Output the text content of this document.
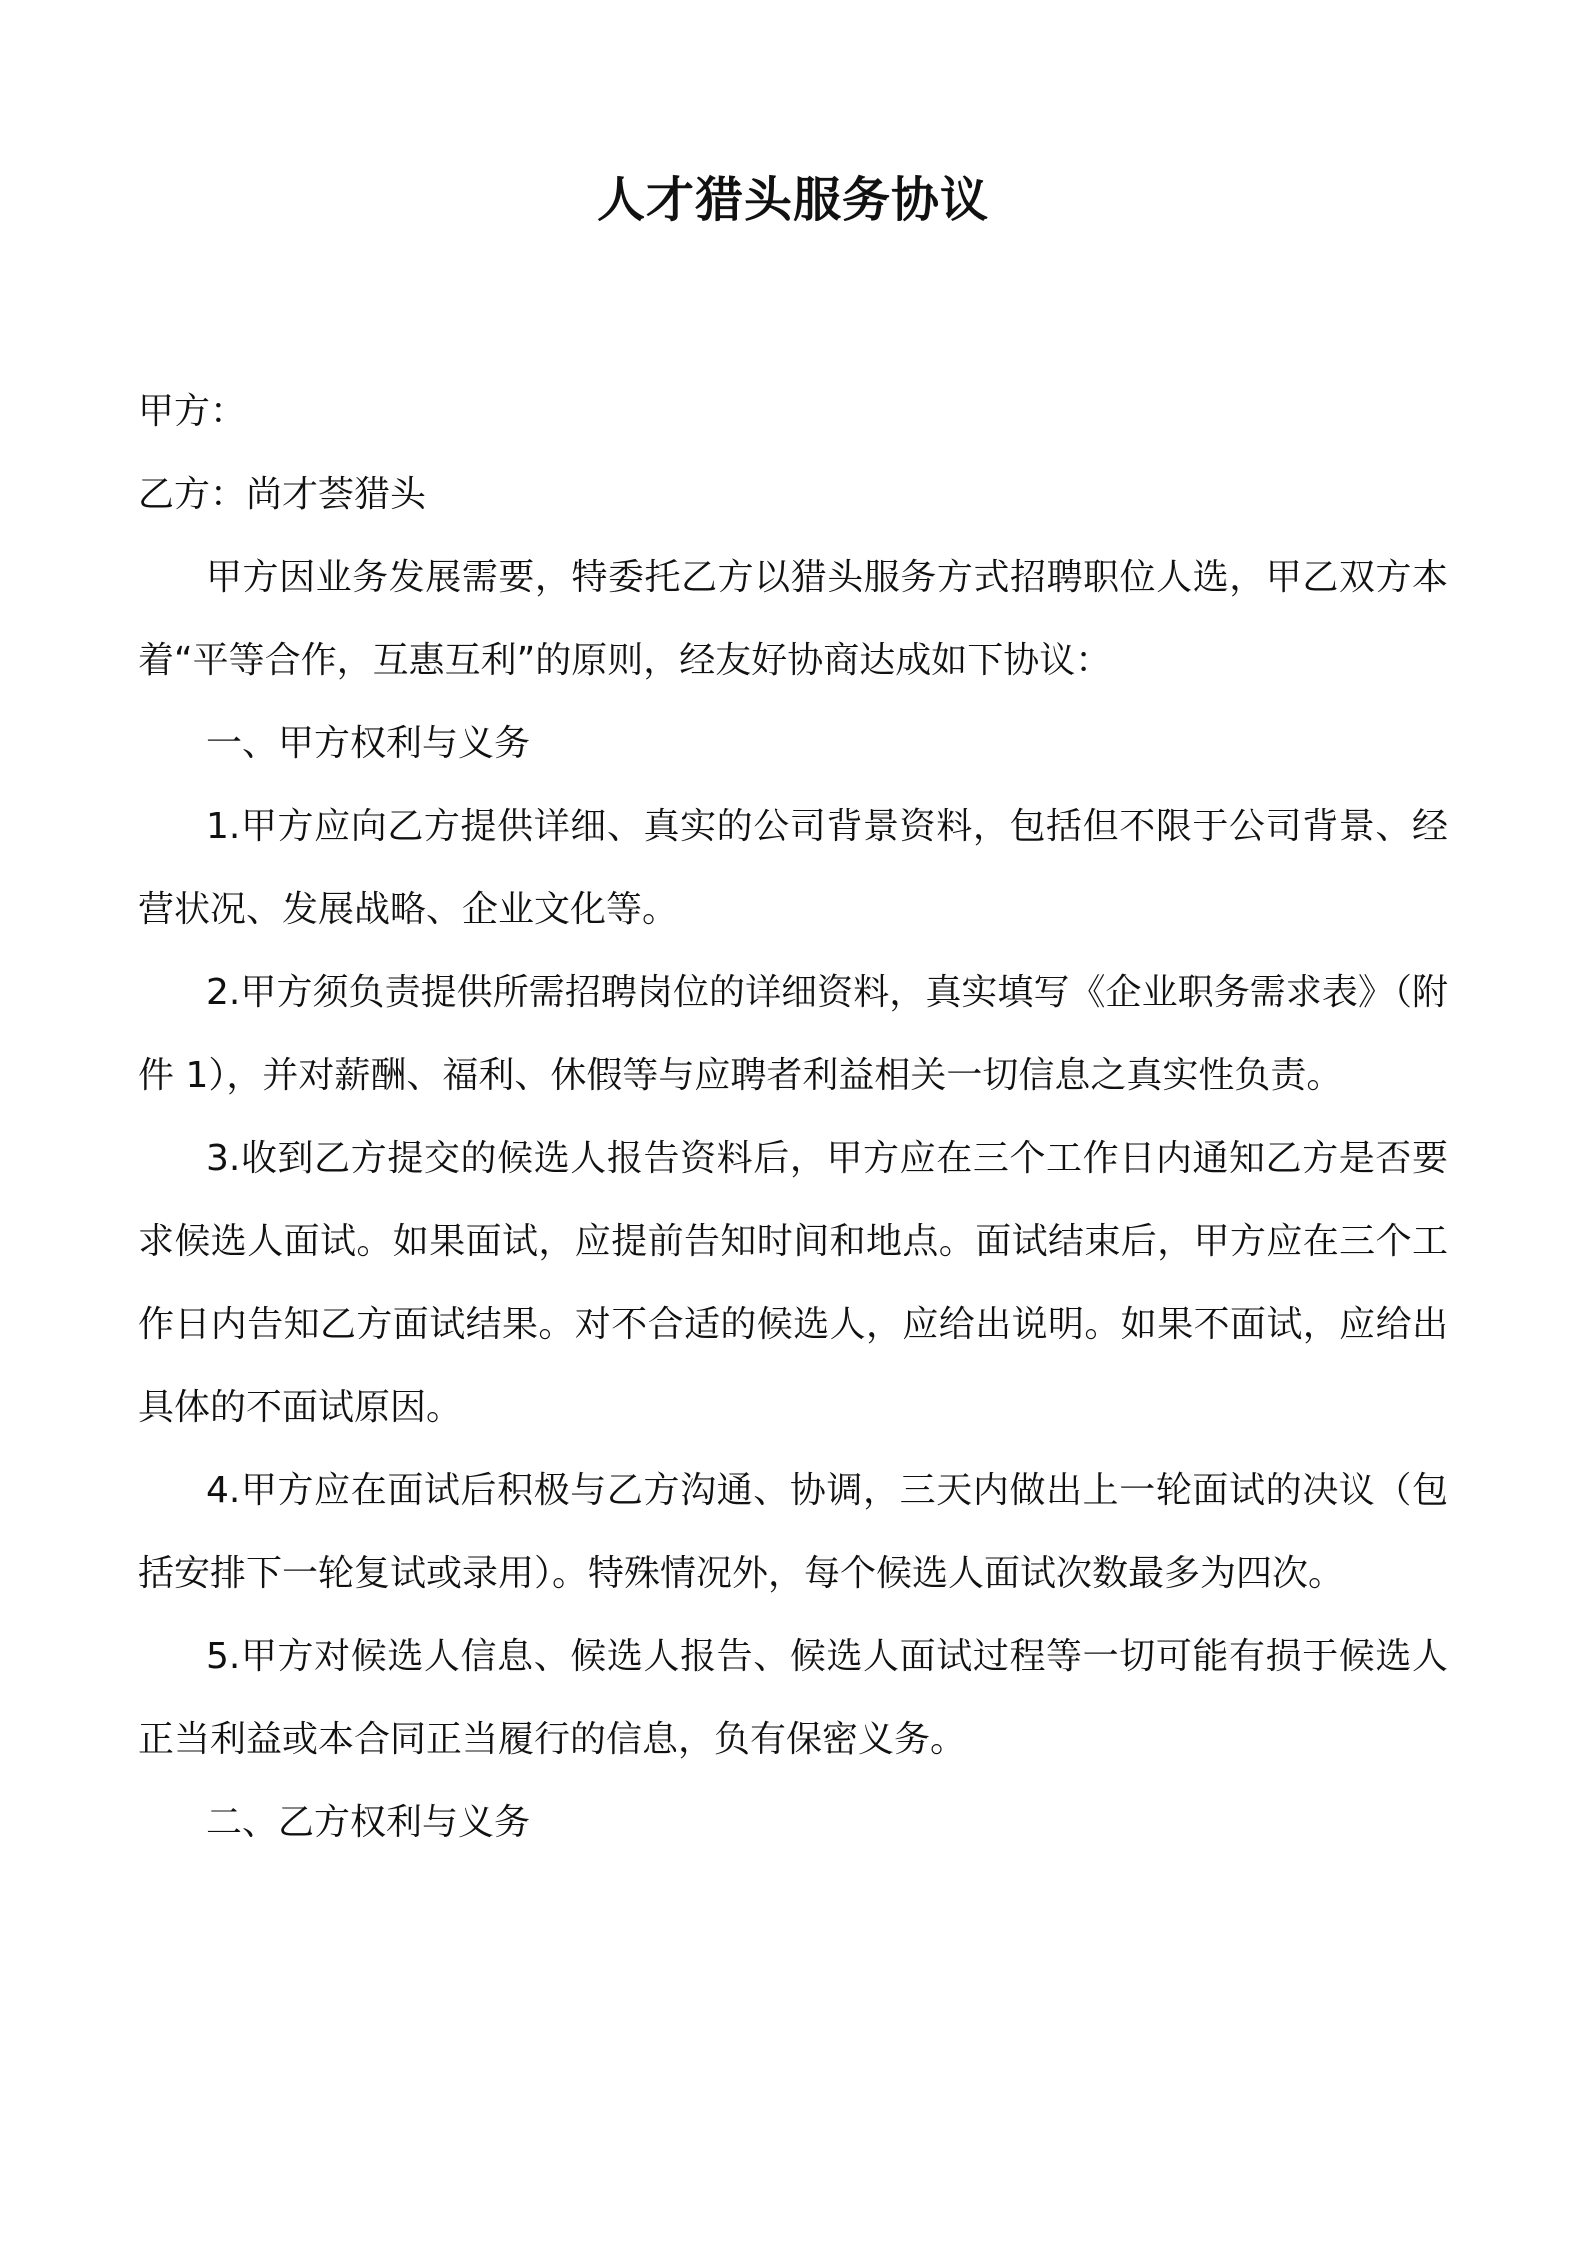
人才猎头服务协议

甲方：

乙方：尚才荟猎头

甲方因业务发展需要，特委托乙方以猎头服务方式招聘职位人选，甲乙双方本着“平等合作，互惠互利”的原则，经友好协商达成如下协议：

一、甲方权利与义务

1.甲方应向乙方提供详细、真实的公司背景资料，包括但不限于公司背景、经营状况、发展战略、企业文化等。

2.甲方须负责提供所需招聘岗位的详细资料，真实填写《企业职务需求表》（附件 1），并对薪酬、福利、休假等与应聘者利益相关一切信息之真实性负责。

3.收到乙方提交的候选人报告资料后，甲方应在三个工作日内通知乙方是否要求候选人面试。如果面试，应提前告知时间和地点。面试结束后，甲方应在三个工作日内告知乙方面试结果。对不合适的候选人，应给出说明。如果不面试，应给出具体的不面试原因。

4.甲方应在面试后积极与乙方沟通、协调，三天内做出上一轮面试的决议（包括安排下一轮复试或录用）。特殊情况外，每个候选人面试次数最多为四次。

5.甲方对候选人信息、候选人报告、候选人面试过程等一切可能有损于候选人正当利益或本合同正当履行的信息，负有保密义务。

二、乙方权利与义务
